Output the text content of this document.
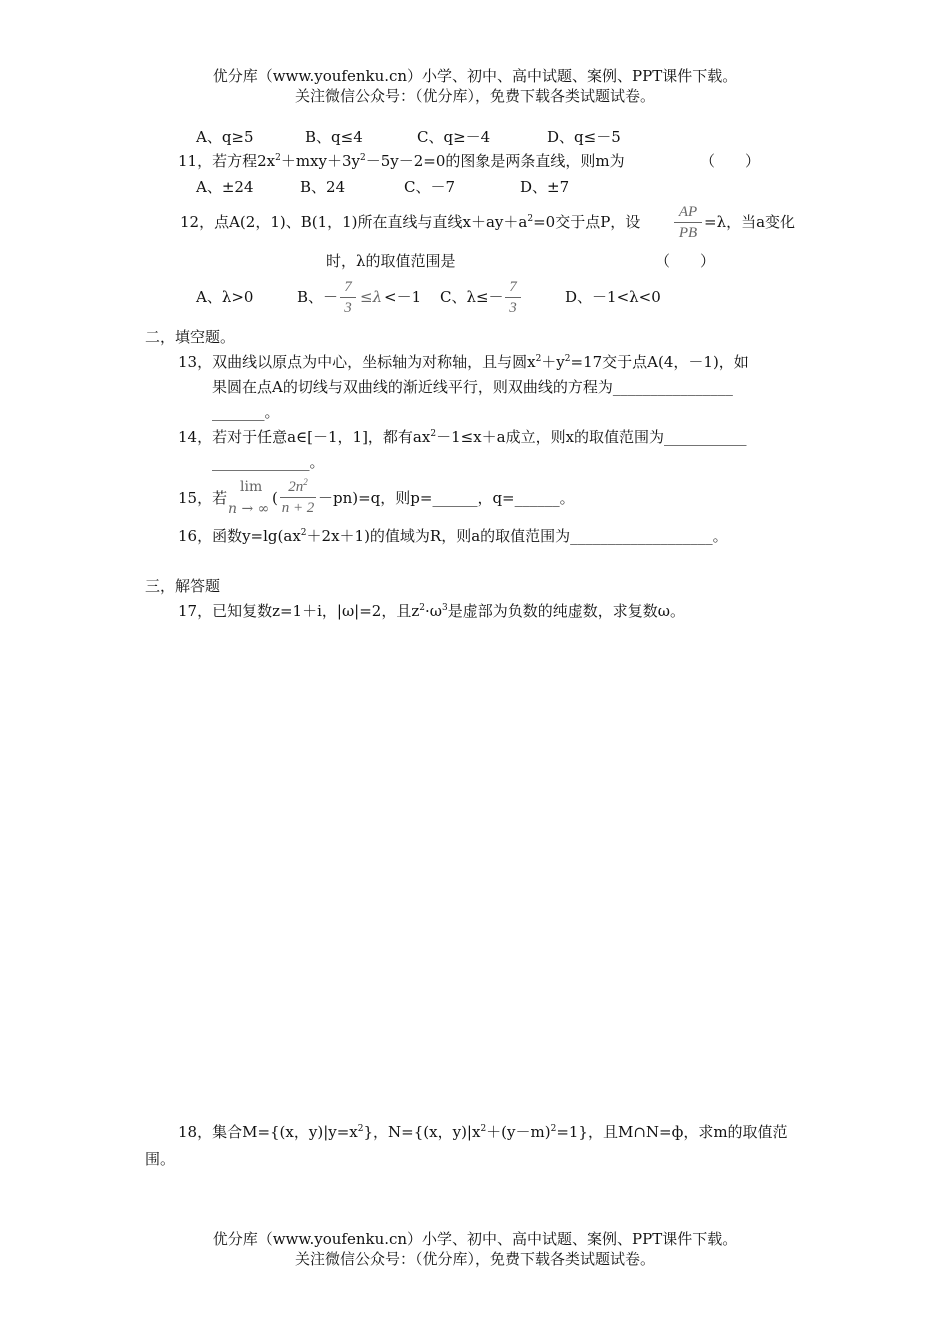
优分库（www.youfenku.cn）小学、初中、高中试题、案例、PPT课件下载。
关注微信公众号：（优分库），免费下载各类试题试卷。
A、q≥5	B、q≤4	C、q≥－4	D、q≤－5
11，若方程$2x^2+mxy+3y^2-5y-2=0$的图象是两条直线，则m为	（　　）
A、±24	B、24	C、－7	D、±7
12，点A(2，1)、B(1，1)所在直线与直线$x+ay+a^2=0$交于点P，设
AP
PB
=λ，当a变化
时，λ的取值范围是	（　　）
A、λ>0	B、－
7
3
≤λ <－1 C、λ≤－
7
3
D、－1<λ<0
二，填空题。
13，双曲线以原点为中心，坐标轴为对称轴，且与圆$x^2+y^2=17$交于点A(4，－1)，如
果圆在点A的切线与双曲线的渐近线平行，则双曲线的方程为________________
_______。
14，若对于任意a∈[－1，1]，都有$ax^2-1\le x+a$成立，则x的取值范围为___________
_____________。
15，若
lim
n → ∞
(
$2n^2$
n + 2
－pn)=q，则p=______，q=______。
16，函数$y=\lg(ax^2+2x+1)$的值域为R，则a的取值范围为___________________。
三，解答题
17，已知复数z=1＋i，|ω|=2，且$z^2\cdot\omega^3$是虚部为负数的纯虚数，求复数ω。
18，集合M={(x，$y)|y=x^2$}，N={(x，$y)|x^2+(y-m)^2=1$}，且M∩N=ф，求m的取值范
围。
优分库（www.youfenku.cn）小学、初中、高中试题、案例、PPT课件下载。
关注微信公众号：（优分库），免费下载各类试题试卷。
